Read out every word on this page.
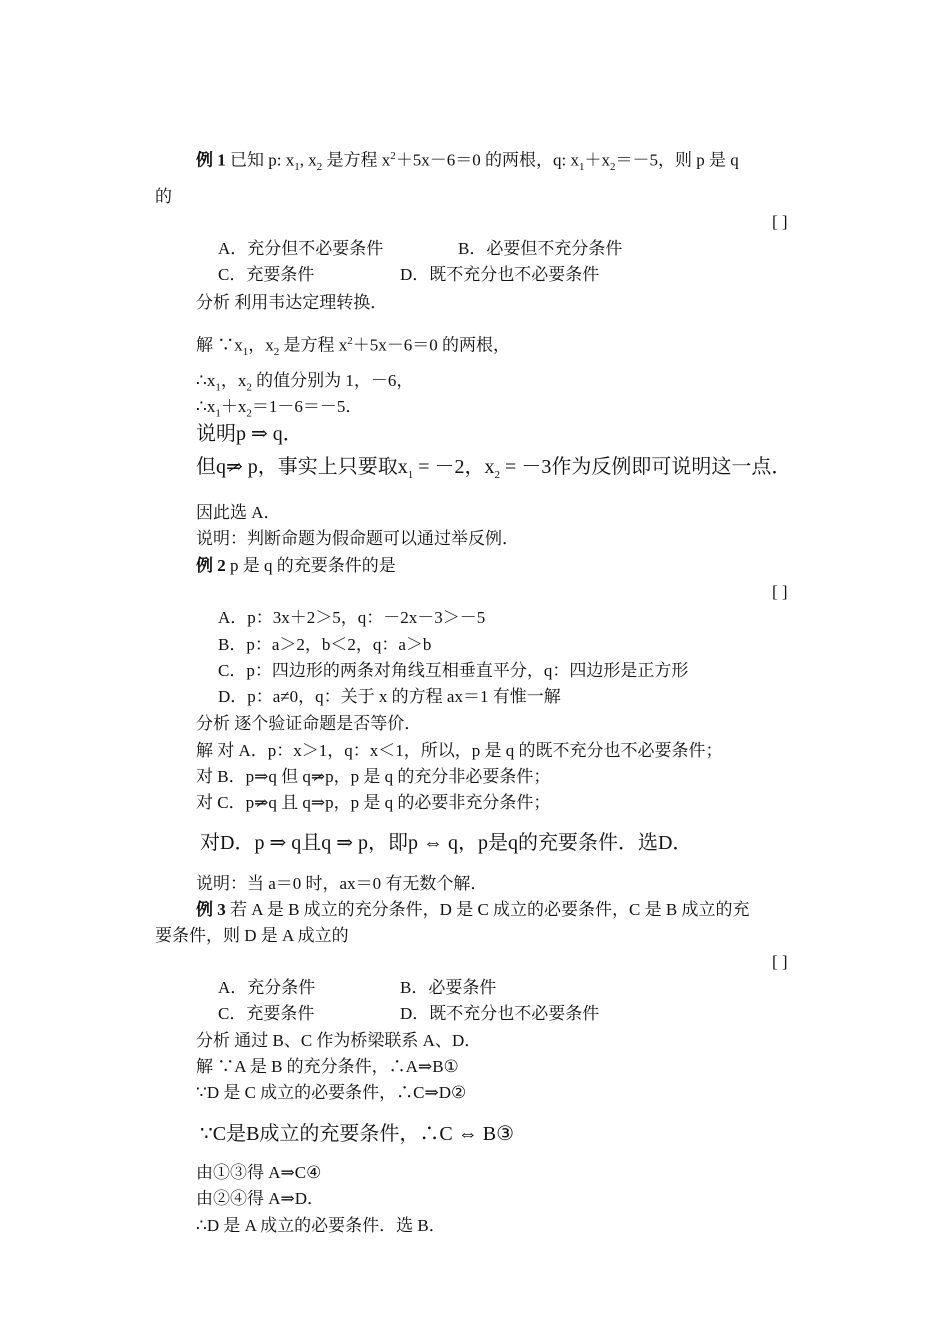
例 1 已知 p: $x_1$, $x_2$ 是方程 $x^2+5x-6=0$ 的两根，q: $x_1+x_2=-5$，则 p 是 q
的
[ ]
A．充分但不必要条件	B．必要但不充分条件
C．充要条件	D．既不充分也不必要条件
分析 利用韦达定理转换．
解 $\because x_1$，$x_2$ 是方程 $x^2+5x-6=0$ 的两根，
$\therefore x_1$，$x_2$ 的值分别为 1，－6，
$\therefore x_1+x_2=1-6=-5$．
说明p ⇒ q．
但q⇒ p，事实上只要取$x_1 = -2$，$x_2 = -3$作为反例即可说明这一点．
因此选 A．
说明：判断命题为假命题可以通过举反例．
例 2 p 是 q 的充要条件的是
[ ]
A．p：3x＋2＞5，q：－2x－3＞－5
B．p：a＞2，b＜2，q：a＞b
C．p：四边形的两条对角线互相垂直平分，q：四边形是正方形
D．p：a≠0，q：关于 x 的方程 ax＝1 有惟一解
分析 逐个验证命题是否等价．
解 对 A．p：x＞1，q：x＜1，所以，p 是 q 的既不充分也不必要条件；
对 B．p⇒q 但 q⇒p，p 是 q 的充分非必要条件；
对 C．p⇒q 且 q⇒p，p 是 q 的必要非充分条件；
对D．p ⇒ q且q ⇒ p，即p ⇔ q，p是q的充要条件．选D．
说明：当 a＝0 时，ax＝0 有无数个解．
例 3 若 A 是 B 成立的充分条件，D 是 C 成立的必要条件，C 是 B 成立的充
要条件，则 D 是 A 成立的
[ ]
A．充分条件	B．必要条件
C．充要条件	D．既不充分也不必要条件
分析 通过 B、C 作为桥梁联系 A、D．
解 ∵A 是 B 的充分条件，∴A⇒B①
∵D 是 C 成立的必要条件，∴C⇒D②
∵C是B成立的充要条件，∴C ⇔ B③
由①③得 A⇒C④
由②④得 A⇒D．
∴D 是 A 成立的必要条件．选 B．
